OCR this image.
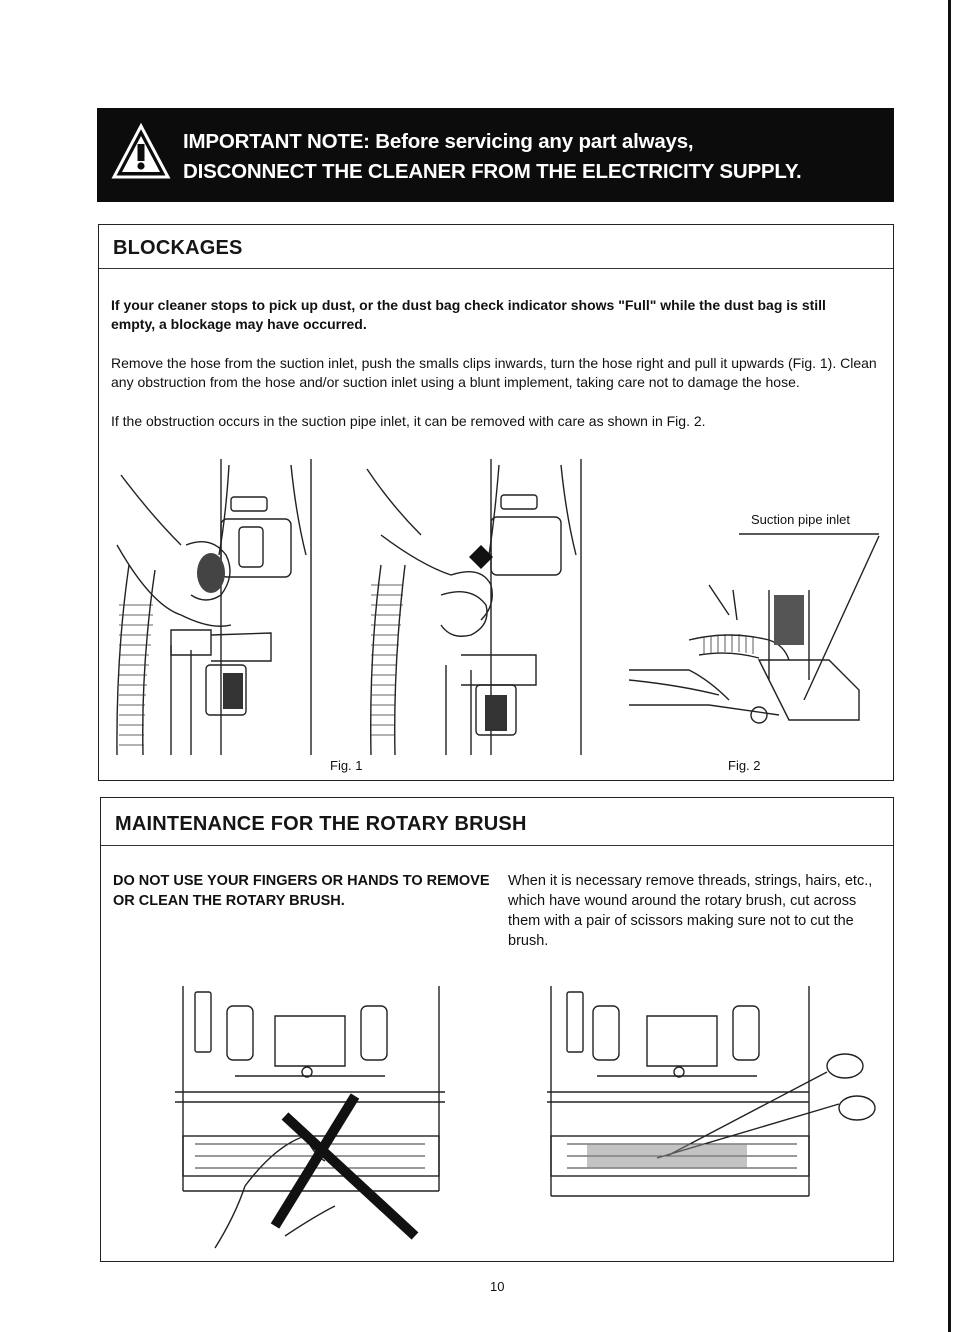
IMPORTANT NOTE: Before servicing any part always,
DISCONNECT THE CLEANER FROM THE ELECTRICITY SUPPLY.
BLOCKAGES

If your cleaner stops to pick up dust, or the dust bag check indicator shows "Full" while the dust bag is still empty, a blockage may have occurred.

Remove the hose from the suction inlet, push the smalls clips inwards, turn the hose right and pull it upwards (Fig. 1). Clean any obstruction from the hose and/or suction inlet using a blunt implement, taking care not to damage the hose.

If the obstruction occurs in the suction pipe inlet, it can be removed with care as shown in Fig. 2.

Fig. 1
Suction pipe inlet
Fig. 2
MAINTENANCE FOR THE ROTARY BRUSH

DO NOT USE YOUR FINGERS OR HANDS TO REMOVE OR CLEAN THE ROTARY BRUSH.

When it is necessary remove threads, strings, hairs, etc., which have wound around the rotary brush, cut across them with a pair of scissors making sure not to cut the brush.

10
